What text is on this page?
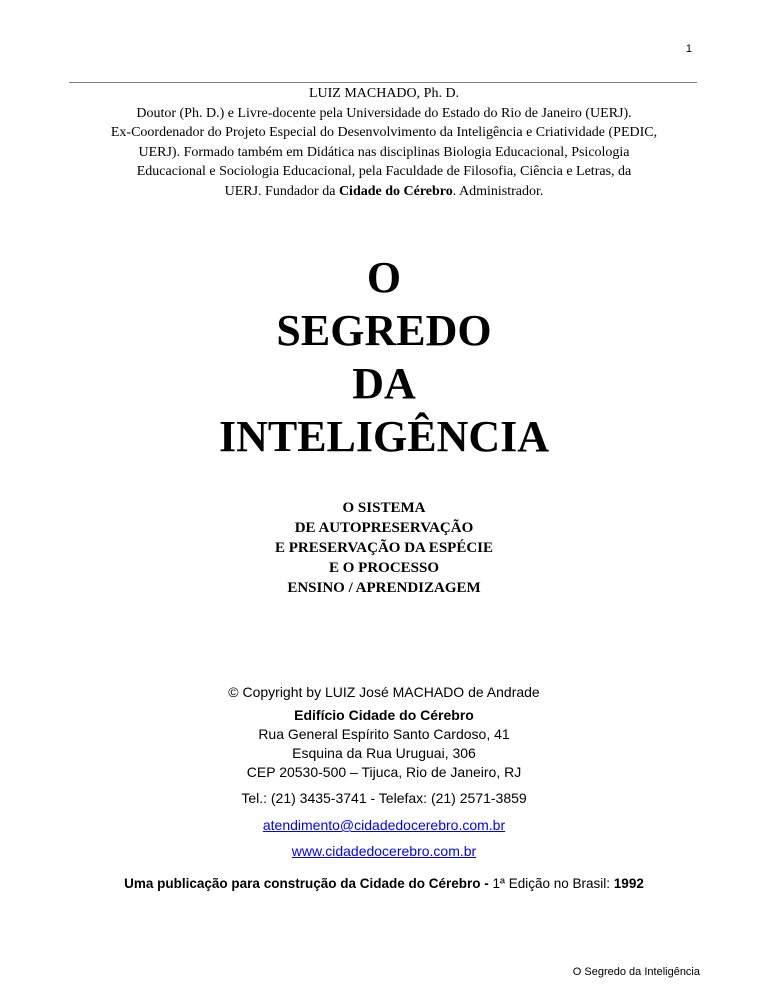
1
LUIZ MACHADO, Ph. D.
Doutor (Ph. D.) e Livre-docente pela Universidade do Estado do Rio de Janeiro (UERJ).
Ex-Coordenador do Projeto Especial do Desenvolvimento da Inteligência e Criatividade (PEDIC,
UERJ). Formado também em Didática nas disciplinas Biologia Educacional, Psicologia
Educacional e Sociologia Educacional, pela Faculdade de Filosofia, Ciência e Letras, da
UERJ. Fundador da Cidade do Cérebro. Administrador.
O
SEGREDO
DA
INTELIGÊNCIA
O SISTEMA
DE AUTOPRESERVAÇÃO
E PRESERVAÇÃO DA ESPÉCIE
E O PROCESSO
ENSINO / APRENDIZAGEM
© Copyright by LUIZ José MACHADO de Andrade
Edifício Cidade do Cérebro
Rua General Espírito Santo Cardoso, 41
Esquina da Rua Uruguai, 306
CEP 20530-500 – Tijuca, Rio de Janeiro, RJ
Tel.: (21) 3435-3741 - Telefax: (21) 2571-3859
atendimento@cidadedocerebro.com.br
www.cidadedocerebro.com.br
Uma publicação para construção da Cidade do Cérebro - 1ª Edição no Brasil: 1992
O Segredo da Inteligência
